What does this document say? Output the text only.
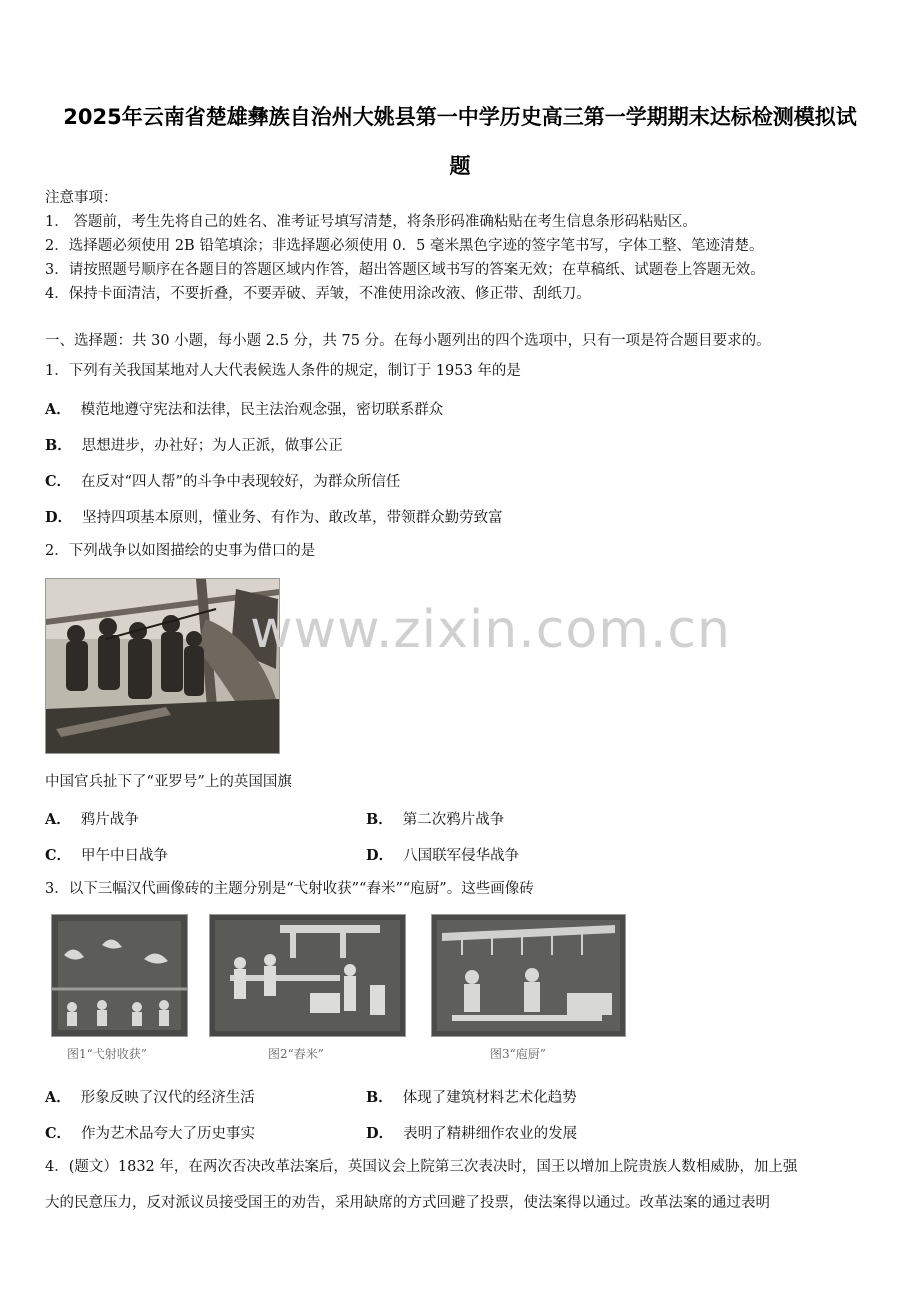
2025年云南省楚雄彝族自治州大姚县第一中学历史高三第一学期期末达标检测模拟试
题
注意事项：
1． 答题前，考生先将自己的姓名、准考证号填写清楚，将条形码准确粘贴在考生信息条形码粘贴区。
2．选择题必须使用 2B 铅笔填涂；非选择题必须使用 0．5 毫米黑色字迹的签字笔书写，字体工整、笔迹清楚。
3．请按照题号顺序在各题目的答题区域内作答，超出答题区域书写的答案无效；在草稿纸、试题卷上答题无效。
4．保持卡面清洁，不要折叠，不要弄破、弄皱，不准使用涂改液、修正带、刮纸刀。
一、选择题：共 30 小题，每小题 2.5 分，共 75 分。在每小题列出的四个选项中，只有一项是符合题目要求的。
1．下列有关我国某地对人大代表候选人条件的规定，制订于 1953 年的是
A． 模范地遵守宪法和法律，民主法治观念强，密切联系群众
B． 思想进步，办社好；为人正派，做事公正
C． 在反对“四人帮”的斗争中表现较好，为群众所信任
D． 坚持四项基本原则，懂业务、有作为、敢改革，带领群众勤劳致富
2．下列战争以如图描绘的史事为借口的是
www.zixin.com.cn
中国官兵扯下了“亚罗号”上的英国国旗
A． 鸦片战争	B． 第二次鸦片战争
C． 甲午中日战争	D． 八国联军侵华战争
3．以下三幅汉代画像砖的主题分别是“弋射收获”“舂米”“庖厨”。这些画像砖
图1“弋射收获”	图2“舂米”	图3“庖厨”
A． 形象反映了汉代的经济生活	B． 体现了建筑材料艺术化趋势
C． 作为艺术品夸大了历史事实	D． 表明了精耕细作农业的发展
4．(题文）1832 年，在两次否决改革法案后，英国议会上院第三次表决时，国王以增加上院贵族人数相威胁，加上强
大的民意压力，反对派议员接受国王的劝告，采用缺席的方式回避了投票，使法案得以通过。改革法案的通过表明
